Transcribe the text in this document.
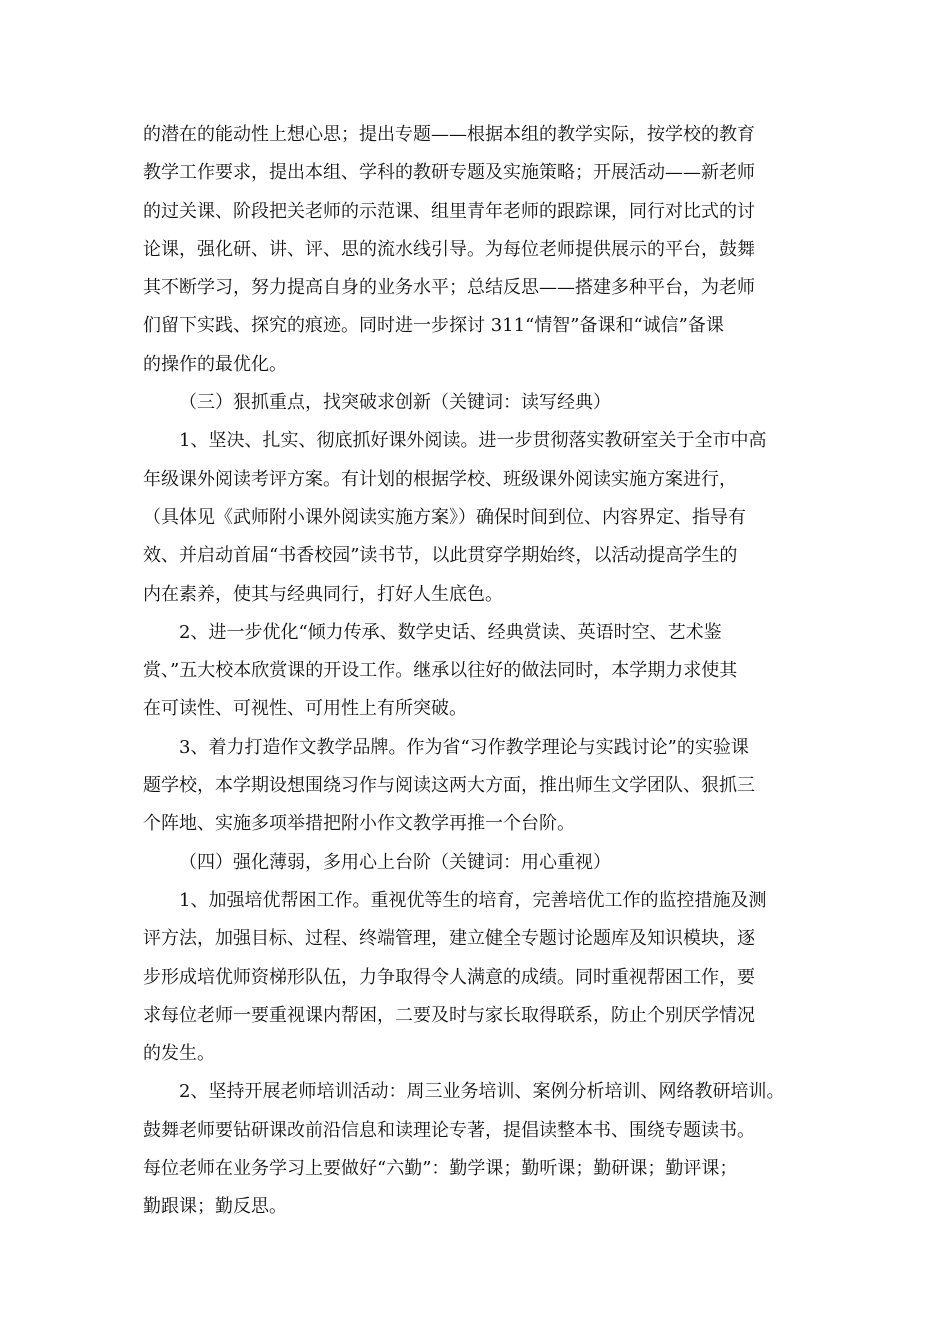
的潜在的能动性上想心思；提出专题——根据本组的教学实际，按学校的教育
教学工作要求，提出本组、学科的教研专题及实施策略；开展活动——新老师
的过关课、阶段把关老师的示范课、组里青年老师的跟踪课，同行对比式的讨
论课，强化研、讲、评、思的流水线引导。为每位老师提供展示的平台，鼓舞
其不断学习，努力提高自身的业务水平；总结反思——搭建多种平台，为老师
们留下实践、探究的痕迹。同时进一步探讨 311“情智”备课和“诚信”备课
的操作的最优化。
（三）狠抓重点，找突破求创新（关键词：读写经典）
1、坚决、扎实、彻底抓好课外阅读。进一步贯彻落实教研室关于全市中高
年级课外阅读考评方案。有计划的根据学校、班级课外阅读实施方案进行，
（具体见《武师附小课外阅读实施方案》）确保时间到位、内容界定、指导有
效、并启动首届“书香校园”读书节，以此贯穿学期始终，以活动提高学生的
内在素养，使其与经典同行，打好人生底色。
2、进一步优化“倾力传承、数学史话、经典赏读、英语时空、艺术鉴
赏、”五大校本欣赏课的开设工作。继承以往好的做法同时，本学期力求使其
在可读性、可视性、可用性上有所突破。
3、着力打造作文教学品牌。作为省“习作教学理论与实践讨论”的实验课
题学校，本学期设想围绕习作与阅读这两大方面，推出师生文学团队、狠抓三
个阵地、实施多项举措把附小作文教学再推一个台阶。
（四）强化薄弱，多用心上台阶（关键词：用心重视）
1、加强培优帮困工作。重视优等生的培育，完善培优工作的监控措施及测
评方法，加强目标、过程、终端管理，建立健全专题讨论题库及知识模块，逐
步形成培优师资梯形队伍，力争取得令人满意的成绩。同时重视帮困工作，要
求每位老师一要重视课内帮困，二要及时与家长取得联系，防止个别厌学情况
的发生。
2、坚持开展老师培训活动：周三业务培训、案例分析培训、网络教研培训。
鼓舞老师要钻研课改前沿信息和读理论专著，提倡读整本书、围绕专题读书。
每位老师在业务学习上要做好“六勤”：勤学课；勤听课；勤研课；勤评课；
勤跟课；勤反思。
